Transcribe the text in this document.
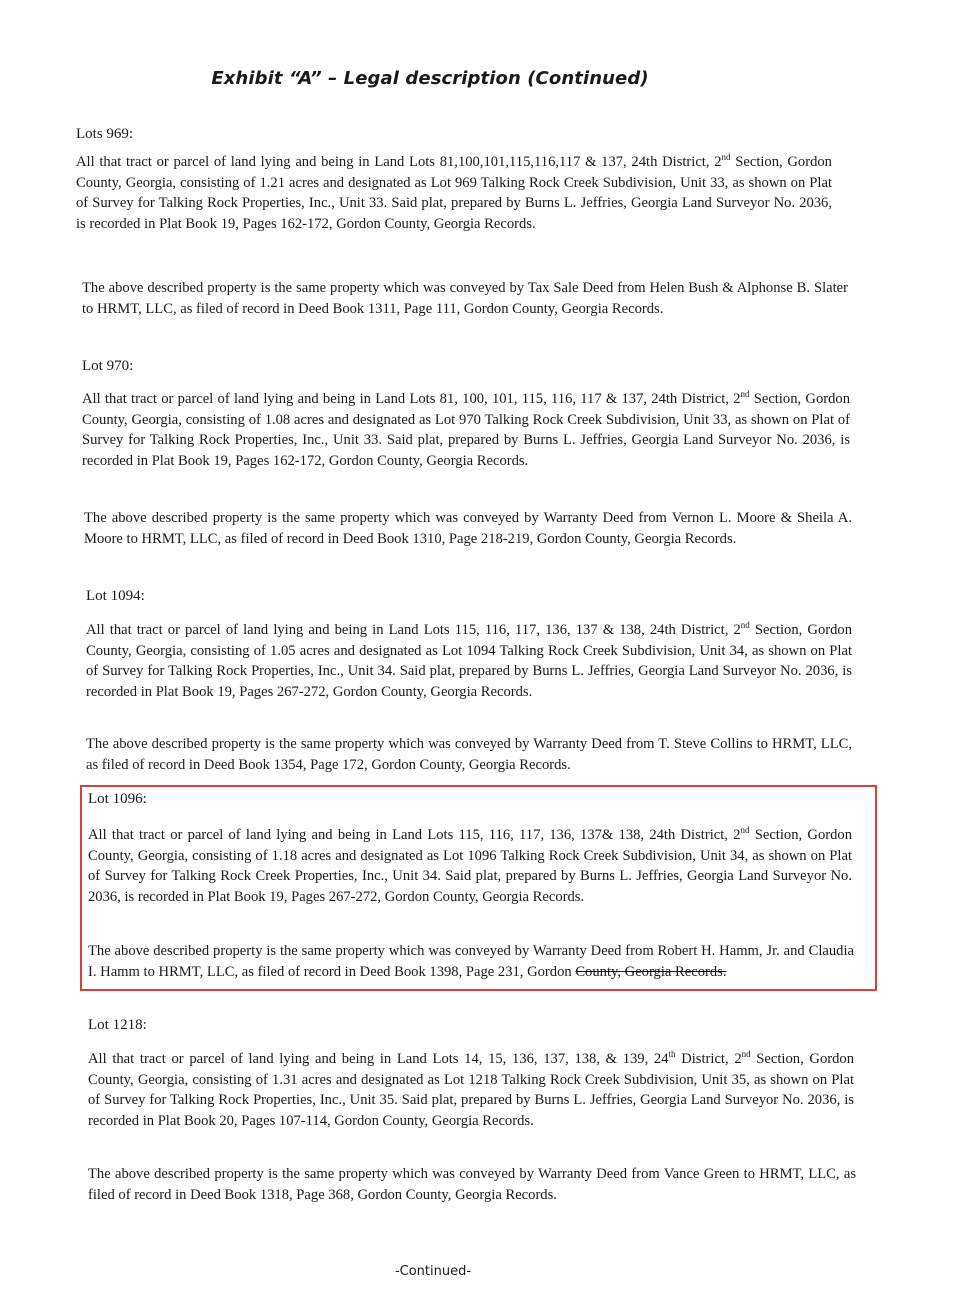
Exhibit “A” – Legal description (Continued)
Lots 969:
All that tract or parcel of land lying and being in Land Lots 81,100,101,115,116,117 & 137, 24th District, 2nd Section, Gordon County, Georgia, consisting of 1.21 acres and designated as Lot 969 Talking Rock Creek Subdivision, Unit 33, as shown on Plat of Survey for Talking Rock Properties, Inc., Unit 33. Said plat, prepared by Burns L. Jeffries, Georgia Land Surveyor No. 2036, is recorded in Plat Book 19, Pages 162-172, Gordon County, Georgia Records.
The above described property is the same property which was conveyed by Tax Sale Deed from Helen Bush & Alphonse B. Slater to HRMT, LLC, as filed of record in Deed Book 1311, Page 111, Gordon County, Georgia Records.
Lot 970:
All that tract or parcel of land lying and being in Land Lots 81, 100, 101, 115, 116, 117 & 137, 24th District, 2nd Section, Gordon County, Georgia, consisting of 1.08 acres and designated as Lot 970 Talking Rock Creek Subdivision, Unit 33, as shown on Plat of Survey for Talking Rock Properties, Inc., Unit 33. Said plat, prepared by Burns L. Jeffries, Georgia Land Surveyor No. 2036, is recorded in Plat Book 19, Pages 162-172, Gordon County, Georgia Records.
The above described property is the same property which was conveyed by Warranty Deed from Vernon L. Moore & Sheila A. Moore to HRMT, LLC, as filed of record in Deed Book 1310, Page 218-219, Gordon County, Georgia Records.
Lot 1094:
All that tract or parcel of land lying and being in Land Lots 115, 116, 117, 136, 137 & 138, 24th District, 2nd Section, Gordon County, Georgia, consisting of 1.05 acres and designated as Lot 1094 Talking Rock Creek Subdivision, Unit 34, as shown on Plat of Survey for Talking Rock Properties, Inc., Unit 34. Said plat, prepared by Burns L. Jeffries, Georgia Land Surveyor No. 2036, is recorded in Plat Book 19, Pages 267-272, Gordon County, Georgia Records.
The above described property is the same property which was conveyed by Warranty Deed from T. Steve Collins to HRMT, LLC, as filed of record in Deed Book 1354, Page 172, Gordon County, Georgia Records.
Lot 1096:
All that tract or parcel of land lying and being in Land Lots 115, 116, 117, 136, 137& 138, 24th District, 2nd Section, Gordon County, Georgia, consisting of 1.18 acres and designated as Lot 1096 Talking Rock Creek Subdivision, Unit 34, as shown on Plat of Survey for Talking Rock Creek Properties, Inc., Unit 34. Said plat, prepared by Burns L. Jeffries, Georgia Land Surveyor No. 2036, is recorded in Plat Book 19, Pages 267-272, Gordon County, Georgia Records.
The above described property is the same property which was conveyed by Warranty Deed from Robert H. Hamm, Jr. and Claudia I. Hamm to HRMT, LLC, as filed of record in Deed Book 1398, Page 231, Gordon County, Georgia Records.
Lot 1218:
All that tract or parcel of land lying and being in Land Lots 14, 15, 136, 137, 138, & 139, 24th District, 2nd Section, Gordon County, Georgia, consisting of 1.31 acres and designated as Lot 1218 Talking Rock Creek Subdivision, Unit 35, as shown on Plat of Survey for Talking Rock Properties, Inc., Unit 35. Said plat, prepared by Burns L. Jeffries, Georgia Land Surveyor No. 2036, is recorded in Plat Book 20, Pages 107-114, Gordon County, Georgia Records.
The above described property is the same property which was conveyed by Warranty Deed from Vance Green to HRMT, LLC, as filed of record in Deed Book 1318, Page 368, Gordon County, Georgia Records.
-Continued-
